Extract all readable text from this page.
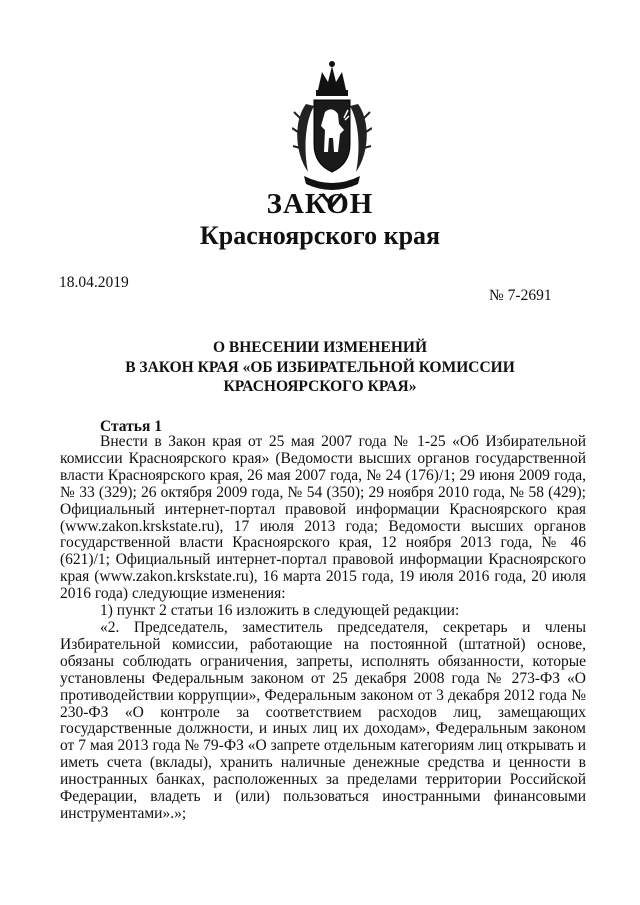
ЗАКОН
Красноярского края
18.04.2019
№ 7-2691
О ВНЕСЕНИИ ИЗМЕНЕНИЙ
В ЗАКОН КРАЯ «ОБ ИЗБИРАТЕЛЬНОЙ КОМИССИИ
КРАСНОЯРСКОГО КРАЯ»
Статья 1

Внести в Закон края от 25 мая 2007 года № 1-25 «Об Избирательной комиссии Красноярского края» (Ведомости высших органов государственной власти Красноярского края, 26 мая 2007 года, № 24 (176)/1; 29 июня 2009 года, № 33 (329); 26 октября 2009 года, № 54 (350); 29 ноября 2010 года, № 58 (429); Официальный интернет-портал правовой информации Красноярского края (www.zakon.krskstate.ru), 17 июля 2013 года; Ведомости высших органов государственной власти Красноярского края, 12 ноября 2013 года, № 46 (621)/1; Официальный интернет-портал правовой информации Красноярского края (www.zakon.krskstate.ru), 16 марта 2015 года, 19 июля 2016 года, 20 июля 2016 года) следующие изменения:

1) пункт 2 статьи 16 изложить в следующей редакции:

«2. Председатель, заместитель председателя, секретарь и члены Избирательной комиссии, работающие на постоянной (штатной) основе, обязаны соблюдать ограничения, запреты, исполнять обязанности, которые установлены Федеральным законом от 25 декабря 2008 года № 273-ФЗ «О противодействии коррупции», Федеральным законом от 3 декабря 2012 года № 230-ФЗ «О контроле за соответствием расходов лиц, замещающих государственные должности, и иных лиц их доходам», Федеральным законом от 7 мая 2013 года № 79-ФЗ «О запрете отдельным категориям лиц открывать и иметь счета (вклады), хранить наличные денежные средства и ценности в иностранных банках, расположенных за пределами территории Российской Федерации, владеть и (или) пользоваться иностранными финансовыми инструментами».»;
